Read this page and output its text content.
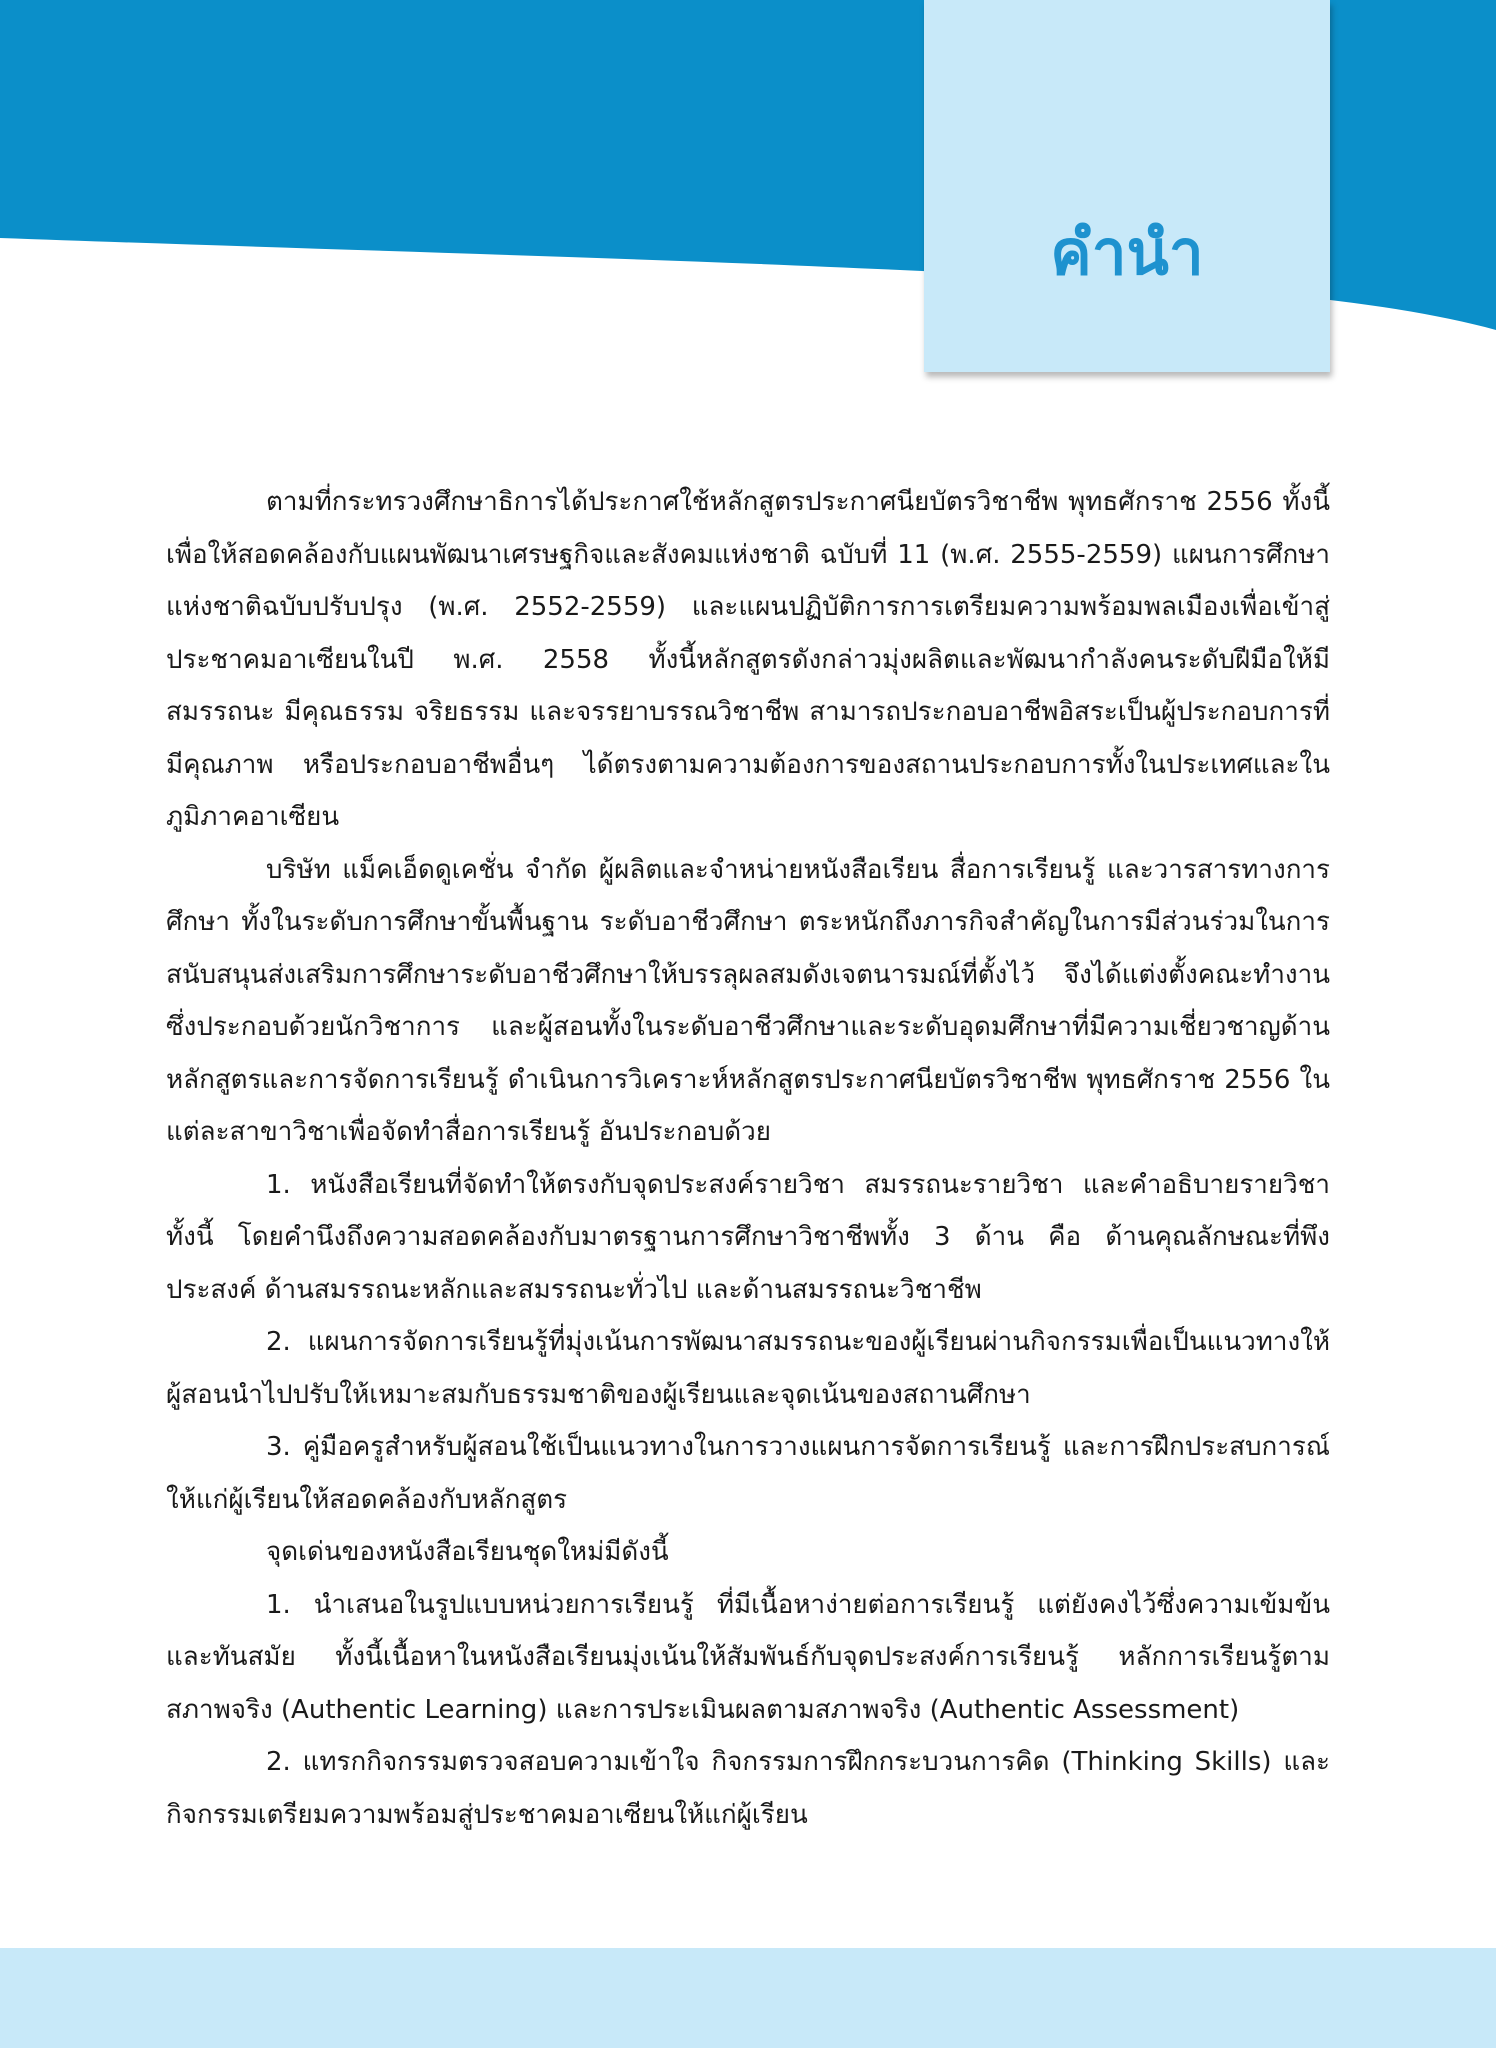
คำนำ

ตามที่กระทรวงศึกษาธิการได้ประกาศใช้หลักสูตรประกาศนียบัตรวิชาชีพ พุทธศักราช 2556 ทั้งนี้เพื่อให้สอดคล้องกับแผนพัฒนาเศรษฐกิจและสังคมแห่งชาติ ฉบับที่ 11 (พ.ศ. 2555-2559) แผนการศึกษาแห่งชาติฉบับปรับปรุง (พ.ศ. 2552-2559) และแผนปฏิบัติการการเตรียมความพร้อมพลเมืองเพื่อเข้าสู่ประชาคมอาเซียนในปี พ.ศ. 2558 ทั้งนี้หลักสูตรดังกล่าวมุ่งผลิตและพัฒนากำลังคนระดับฝีมือให้มีสมรรถนะ มีคุณธรรม จริยธรรม และจรรยาบรรณวิชาชีพ สามารถประกอบอาชีพอิสระเป็นผู้ประกอบการที่มีคุณภาพ หรือประกอบอาชีพอื่นๆ ได้ตรงตามความต้องการของสถานประกอบการทั้งในประเทศและในภูมิภาคอาเซียน

บริษัท แม็คเอ็ดดูเคชั่น จำกัด ผู้ผลิตและจำหน่ายหนังสือเรียน สื่อการเรียนรู้ และวารสารทางการศึกษา ทั้งในระดับการศึกษาขั้นพื้นฐาน ระดับอาชีวศึกษา ตระหนักถึงภารกิจสำคัญในการมีส่วนร่วมในการสนับสนุนส่งเสริมการศึกษาระดับอาชีวศึกษาให้บรรลุผลสมดังเจตนารมณ์ที่ตั้งไว้ จึงได้แต่งตั้งคณะทำงานซึ่งประกอบด้วยนักวิชาการ และผู้สอนทั้งในระดับอาชีวศึกษาและระดับอุดมศึกษาที่มีความเชี่ยวชาญด้านหลักสูตรและการจัดการเรียนรู้ ดำเนินการวิเคราะห์หลักสูตรประกาศนียบัตรวิชาชีพ พุทธศักราช 2556 ในแต่ละสาขาวิชาเพื่อจัดทำสื่อการเรียนรู้ อันประกอบด้วย

1. หนังสือเรียนที่จัดทำให้ตรงกับจุดประสงค์รายวิชา สมรรถนะรายวิชา และคำอธิบายรายวิชา ทั้งนี้ โดยคำนึงถึงความสอดคล้องกับมาตรฐานการศึกษาวิชาชีพทั้ง 3 ด้าน คือ ด้านคุณลักษณะที่พึงประสงค์ ด้านสมรรถนะหลักและสมรรถนะทั่วไป และด้านสมรรถนะวิชาชีพ

2. แผนการจัดการเรียนรู้ที่มุ่งเน้นการพัฒนาสมรรถนะของผู้เรียนผ่านกิจกรรมเพื่อเป็นแนวทางให้ผู้สอนนำไปปรับให้เหมาะสมกับธรรมชาติของผู้เรียนและจุดเน้นของสถานศึกษา

3. คู่มือครูสำหรับผู้สอนใช้เป็นแนวทางในการวางแผนการจัดการเรียนรู้ และการฝึกประสบการณ์ให้แก่ผู้เรียนให้สอดคล้องกับหลักสูตร

จุดเด่นของหนังสือเรียนชุดใหม่มีดังนี้

1. นำเสนอในรูปแบบหน่วยการเรียนรู้ ที่มีเนื้อหาง่ายต่อการเรียนรู้ แต่ยังคงไว้ซึ่งความเข้มข้นและทันสมัย ทั้งนี้เนื้อหาในหนังสือเรียนมุ่งเน้นให้สัมพันธ์กับจุดประสงค์การเรียนรู้ หลักการเรียนรู้ตามสภาพจริง (Authentic Learning) และการประเมินผลตามสภาพจริง (Authentic Assessment)

2. แทรกกิจกรรมตรวจสอบความเข้าใจ กิจกรรมการฝึกกระบวนการคิด (Thinking Skills) และกิจกรรมเตรียมความพร้อมสู่ประชาคมอาเซียนให้แก่ผู้เรียน
